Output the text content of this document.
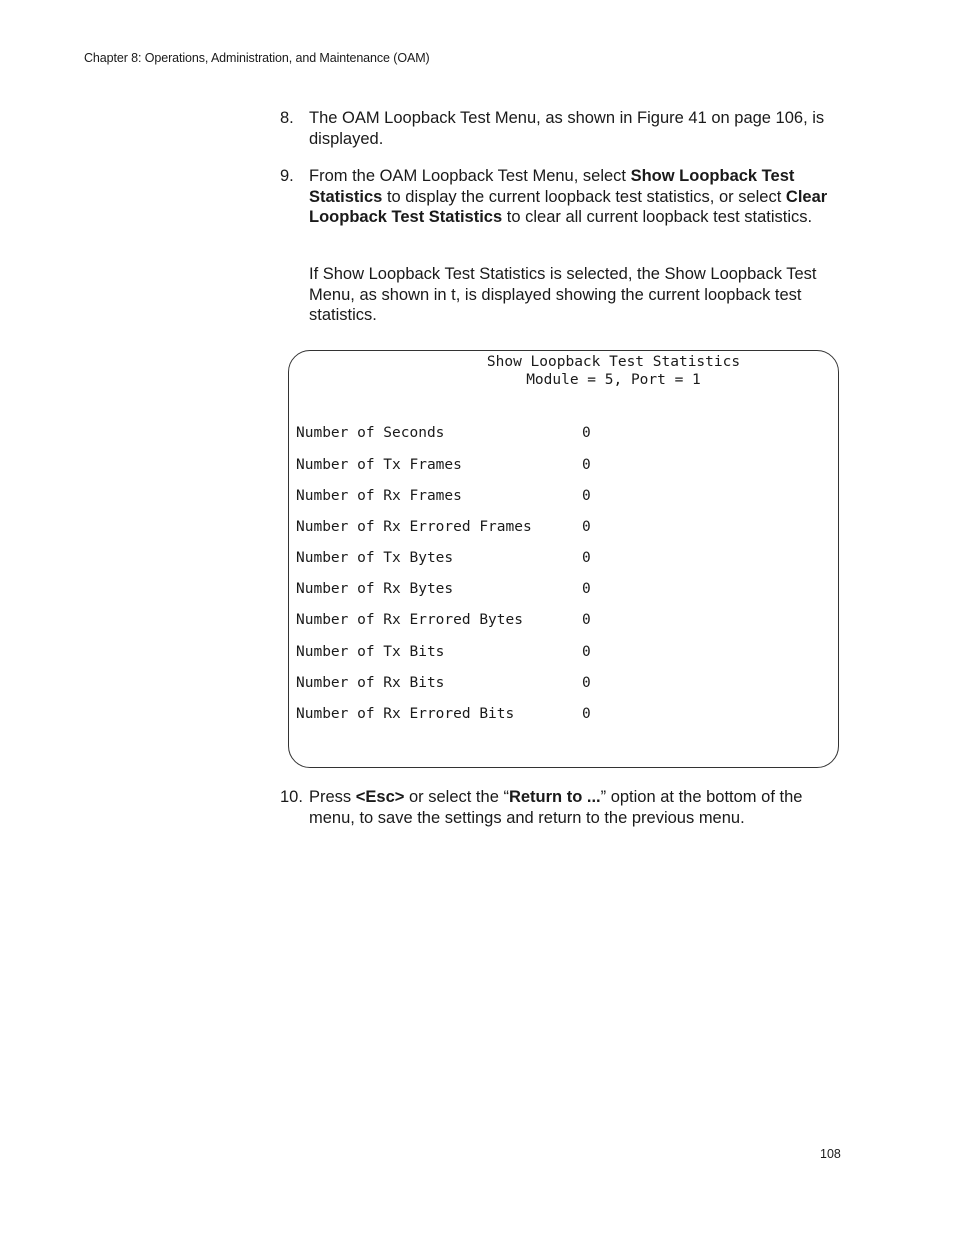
Chapter 8: Operations, Administration, and Maintenance (OAM)
8. The OAM Loopback Test Menu, as shown in Figure 41 on page 106, is displayed.
9. From the OAM Loopback Test Menu, select Show Loopback Test Statistics to display the current loopback test statistics, or select Clear Loopback Test Statistics to clear all current loopback test statistics.
If Show Loopback Test Statistics is selected, the Show Loopback Test Menu, as shown in t, is displayed showing the current loopback test statistics.
Show Loopback Test Statistics
Module = 5, Port = 1
Number of Seconds	0
Number of Tx Frames	0
Number of Rx Frames	0
Number of Rx Errored Frames	0
Number of Tx Bytes	0
Number of Rx Bytes	0
Number of Rx Errored Bytes	0
Number of Tx Bits	0
Number of Rx Bits	0
Number of Rx Errored Bits	0
10. Press <Esc> or select the “Return to ...” option at the bottom of the menu, to save the settings and return to the previous menu.
108
